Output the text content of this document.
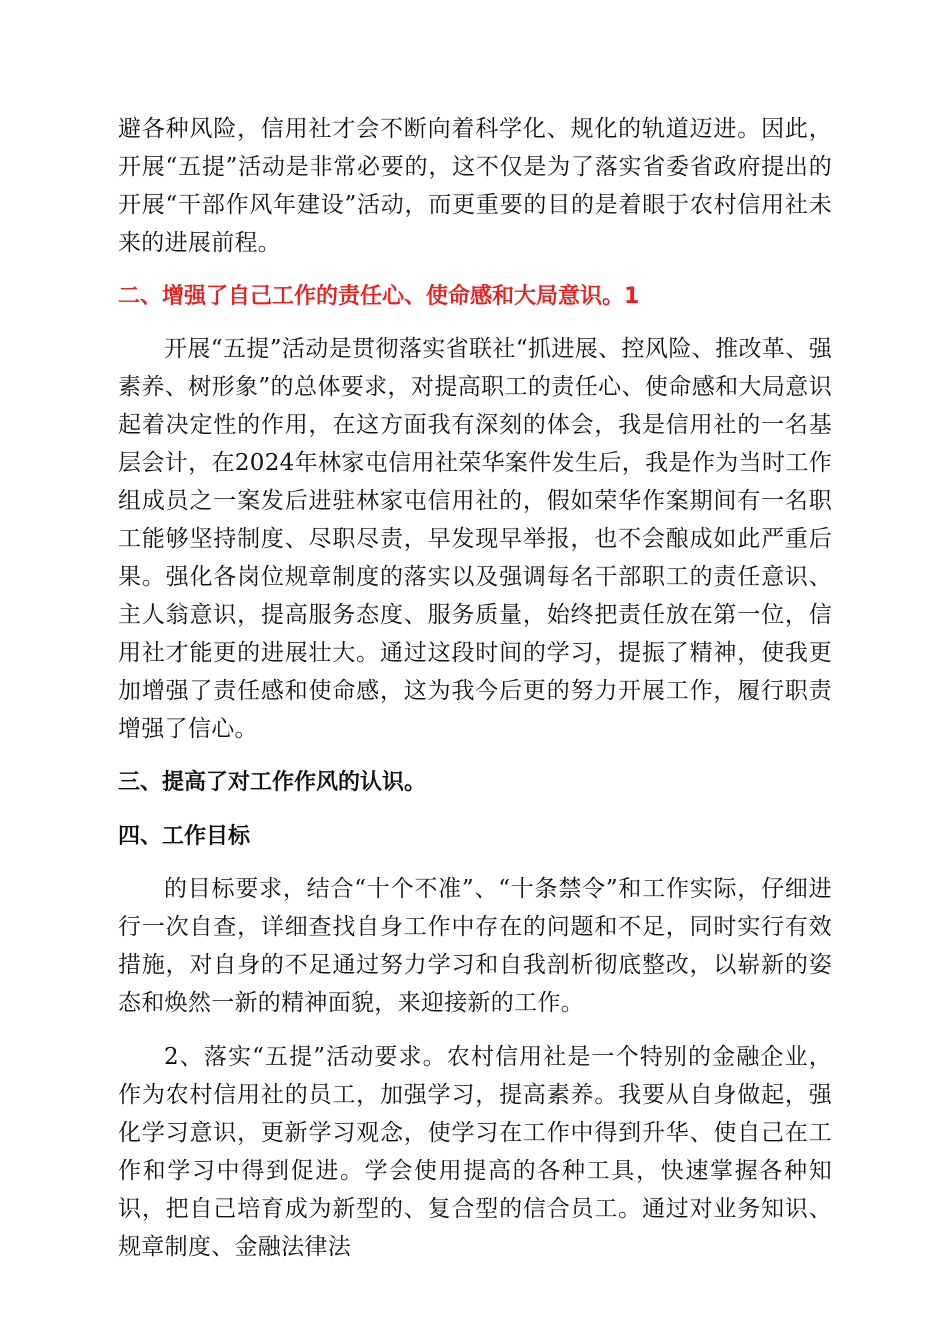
避各种风险，信用社才会不断向着科学化、规化的轨道迈进。因此，开展“五提”活动是非常必要的，这不仅是为了落实省委省政府提出的开展“干部作风年建设”活动，而更重要的目的是着眼于农村信用社未来的进展前程。

二、增强了自己工作的责任心、使命感和大局意识。1

开展“五提”活动是贯彻落实省联社“抓进展、控风险、推改革、强素养、树形象”的总体要求，对提高职工的责任心、使命感和大局意识起着决定性的作用，在这方面我有深刻的体会，我是信用社的一名基层会计，在2024年林家屯信用社荣华案件发生后，我是作为当时工作组成员之一案发后进驻林家屯信用社的，假如荣华作案期间有一名职工能够坚持制度、尽职尽责，早发现早举报，也不会酿成如此严重后果。强化各岗位规章制度的落实以及强调每名干部职工的责任意识、主人翁意识，提高服务态度、服务质量，始终把责任放在第一位，信用社才能更的进展壮大。通过这段时间的学习，提振了精神，使我更加增强了责任感和使命感，这为我今后更的努力开展工作，履行职责增强了信心。

三、提高了对工作作风的认识。
四、工作目标

的目标要求，结合“十个不准”、“十条禁令”和工作实际，仔细进行一次自查，详细查找自身工作中存在的问题和不足，同时实行有效措施，对自身的不足通过努力学习和自我剖析彻底整改，以崭新的姿态和焕然一新的精神面貌，来迎接新的工作。

2、落实“五提”活动要求。农村信用社是一个特别的金融企业，作为农村信用社的员工，加强学习，提高素养。我要从自身做起，强化学习意识，更新学习观念，使学习在工作中得到升华、使自己在工作和学习中得到促进。学会使用提高的各种工具，快速掌握各种知识，把自己培育成为新型的、复合型的信合员工。通过对业务知识、规章制度、金融法律法
